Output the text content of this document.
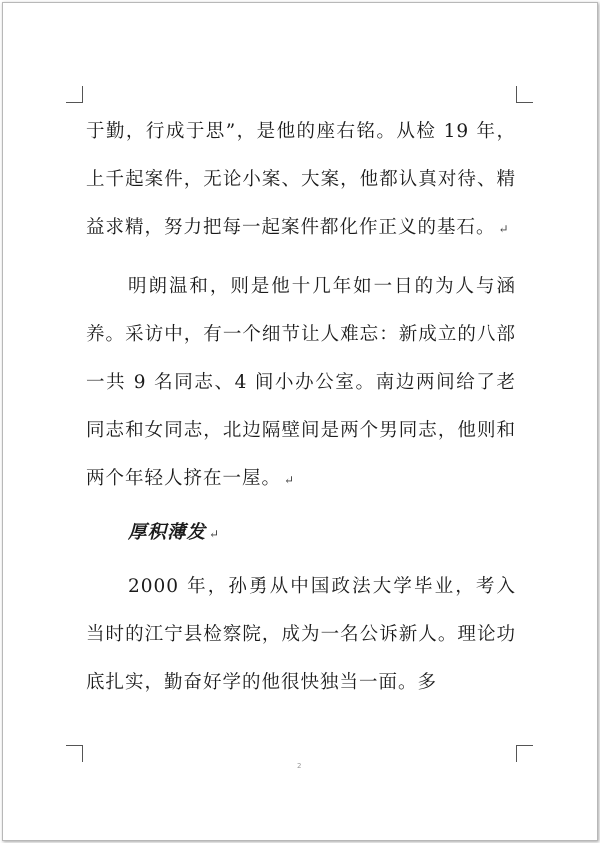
于勤，行成于思”，是他的座右铭。从检 19 年，上千起案件，无论小案、大案，他都认真对待、精益求精，努力把每一起案件都化作正义的基石。 ↵

明朗温和，则是他十几年如一日的为人与涵养。采访中，有一个细节让人难忘：新成立的八部一共 9 名同志、4 间小办公室。南边两间给了老同志和女同志，北边隔壁间是两个男同志，他则和两个年轻人挤在一屋。 ↵

厚积薄发 ↵

2000 年，孙勇从中国政法大学毕业，考入当时的江宁县检察院，成为一名公诉新人。理论功底扎实，勤奋好学的他很快独当一面。多

2
